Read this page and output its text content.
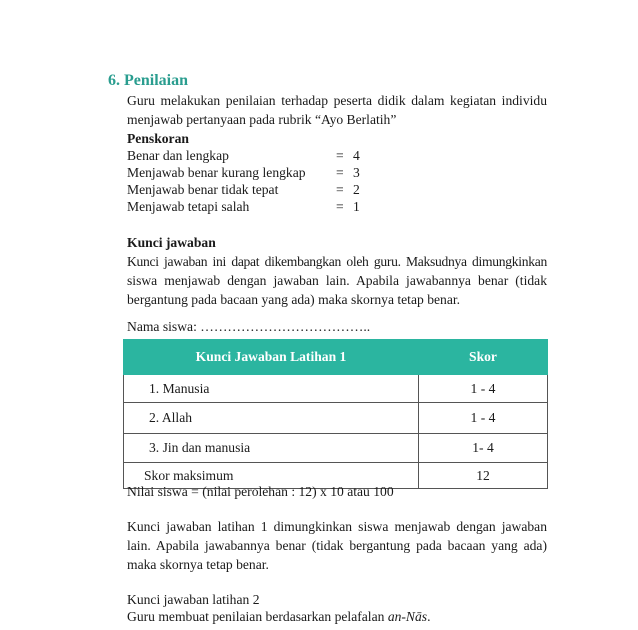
6. Penilaian
Guru melakukan penilaian terhadap peserta didik dalam kegiatan individu
menjawab pertanyaan pada rubrik “Ayo Berlatih”
Penskoran
Benar dan lengkap	= 4
Menjawab benar kurang lengkap = 3
Menjawab benar tidak tepat	= 2
Menjawab tetapi salah	= 1
Kunci jawaban
Kunci jawaban ini dapat dikembangkan oleh guru. Maksudnya dimungkinkan
siswa menjawab dengan jawaban lain. Apabila jawabannya benar (tidak
bergantung pada bacaan yang ada) maka skornya tetap benar.
Nama siswa: ………………………………..
Kunci Jawaban Latihan 1	Skor
1. Manusia	1 - 4
2. Allah	1 - 4
3. Jin dan manusia	1- 4
Skor maksimum	12
Nilai siswa = (nilai perolehan : 12) x 10 atau 100
Kunci jawaban latihan 1 dimungkinkan siswa menjawab dengan jawaban
lain. Apabila jawabannya benar (tidak bergantung pada bacaan yang ada)
maka skornya tetap benar.
Kunci jawaban latihan 2
Guru membuat penilaian berdasarkan pelafalan an-Nās.
